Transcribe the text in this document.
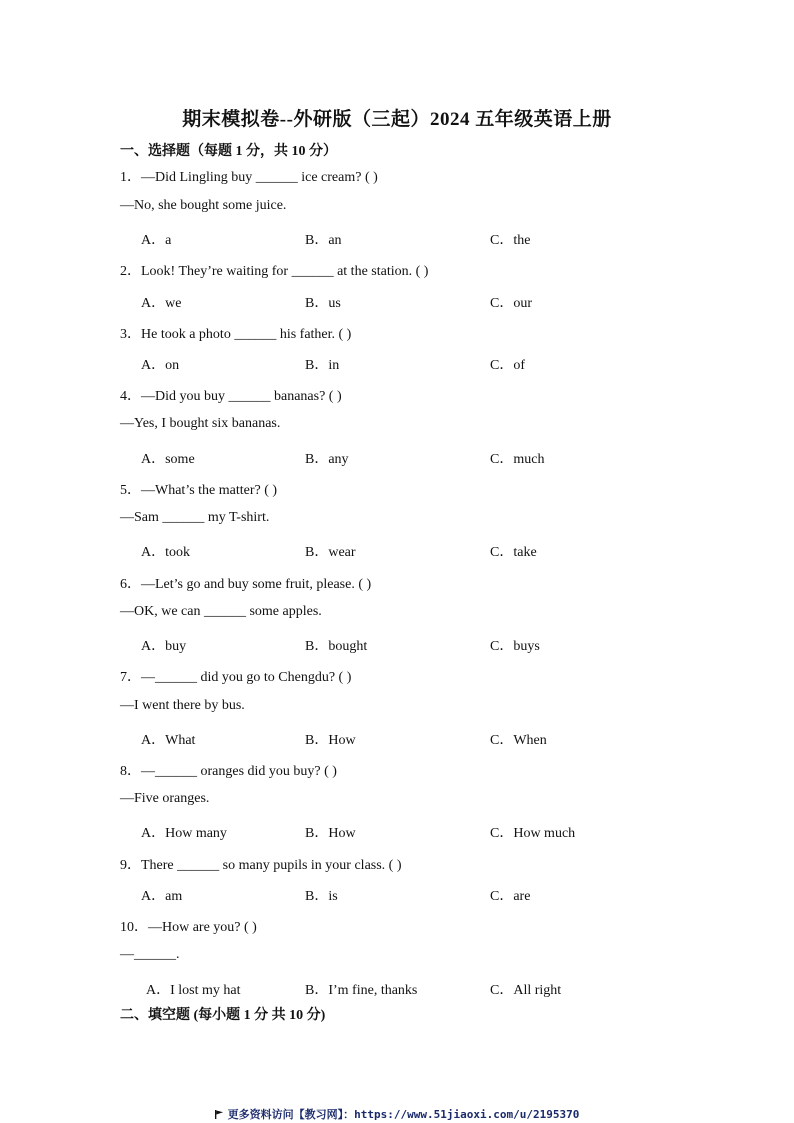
期末模拟卷--外研版（三起）2024 五年级英语上册
一、选择题（每题 1 分，共 10 分）
1．—Did Lingling buy ______ ice cream? ( )
—No, she bought some juice.
A．a	B．an	C．the
2．Look! They’re waiting for ______ at the station. ( )
A．we	B．us	C．our
3．He took a photo ______ his father. ( )
A．on	B．in	C．of
4．—Did you buy ______ bananas? ( )
—Yes, I bought six bananas.
A．some	B．any	C．much
5．—What’s the matter? ( )
—Sam ______ my T-shirt.
A．took	B．wear	C．take
6．—Let’s go and buy some fruit, please. ( )
—OK, we can ______ some apples.
A．buy	B．bought	C．buys
7．—______ did you go to Chengdu? ( )
—I went there by bus.
A．What	B．How	C．When
8．—______ oranges did you buy? ( )
—Five oranges.
A．How many	B．How	C．How much
9．There ______ so many pupils in your class. ( )
A．am	B．is	C．are
10．—How are you? ( )
—______.
A．I lost my hat	B．I’m fine, thanks	C．All right
二、填空题 (每小题 1 分 共 10 分)
更多资料访问【教习网】：https://www.51jiaoxi.com/u/2195370
